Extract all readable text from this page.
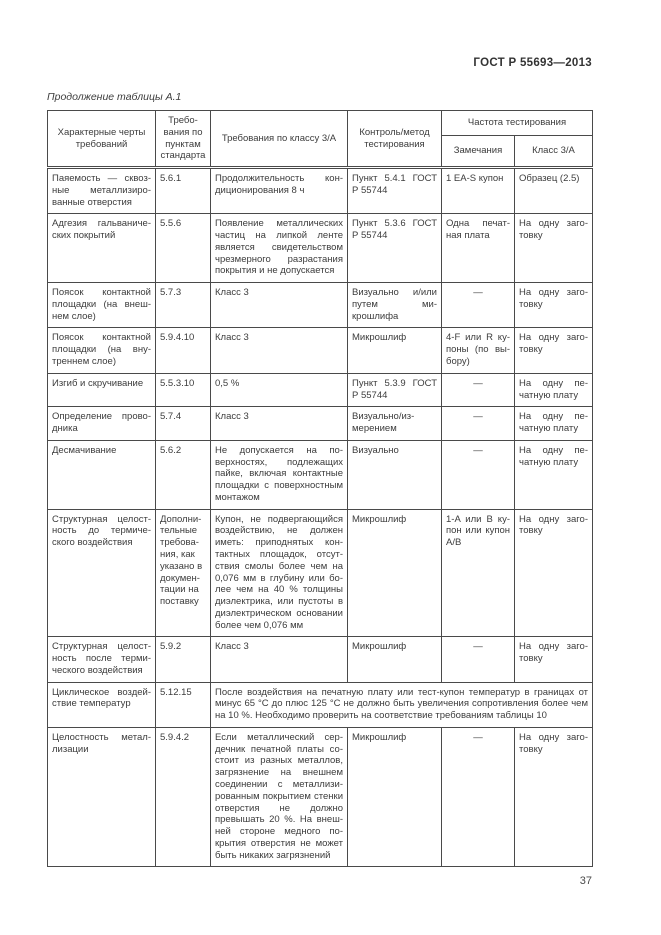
ГОСТ Р 55693—2013
Продолжение таблицы А.1
Характерные черты требований	Требования по пунктам стандарта	Требования по классу 3/А	Контроль/метод тестирования	Частота тестирования	
				Замечания	Класс 3/А
Паяемость — сквозные металлизированные отверстия	5.6.1	Продолжительность кондиционирования 8 ч	Пункт 5.4.1 ГОСТ Р 55744	1 EA-S купон	Образец (2.5)
Адгезия гальванических покрытий	5.5.6	Появление металлических частиц на липкой ленте является свидетельством чрезмерного разрастания покрытия и не допускается	Пункт 5.3.6 ГОСТ Р 55744	Одна печатная плата	На одну заготовку
Поясок контактной площадки (на внешнем слое)	5.7.3	Класс 3	Визуально и/или путем микрошлифа	—	На одну заготовку
Поясок контактной площадки (на внутреннем слое)	5.9.4.10	Класс 3	Микрошлиф	4-F или R купоны (по выбору)	На одну заготовку
Изгиб и скручивание	5.5.3.10	0,5 %	Пункт 5.3.9 ГОСТ Р 55744	—	На одну печатную плату
Определение проводника	5.7.4	Класс 3	Визуально/измерением	—	На одну печатную плату
Десмачивание	5.6.2	Не допускается на поверхностях, подлежащих пайке, включая контактные площадки с поверхностным монтажом	Визуально	—	На одну печатную плату
Структурная целостность до термического воздействия	Дополнительные требования, как указано в документации на поставку	Купон, не подвергающийся воздействию, не должен иметь: приподнятых контактных площадок, отсутствия смолы более чем на 0,076 мм в глубину или более чем на 40 % толщины диэлектрика, или пустоты в диэлектрическом основании более чем 0,076 мм	Микрошлиф	1-A или B купон или купон A/B	На одну заготовку
Структурная целостность после термического воздействия	5.9.2	Класс 3	Микрошлиф	—	На одну заготовку
Циклическое воздействие температур	5.12.15	После воздействия на печатную плату или тест-купон температур в границах от минус 65 °С до плюс 125 °С не должно быть увеличения сопротивления более чем на 10 %. Необходимо проверить на соответствие требованиям таблицы 10			
Целостность металлизации	5.9.4.2	Если металлический сердечник печатной платы состоит из разных металлов, загрязнение на внешнем соединении с металлизированным покрытием стенки отверстия не должно превышать 20 %. На внешней стороне медного покрытия отверстия не может быть никаких загрязнений	Микрошлиф	—	На одну заготовку
37
